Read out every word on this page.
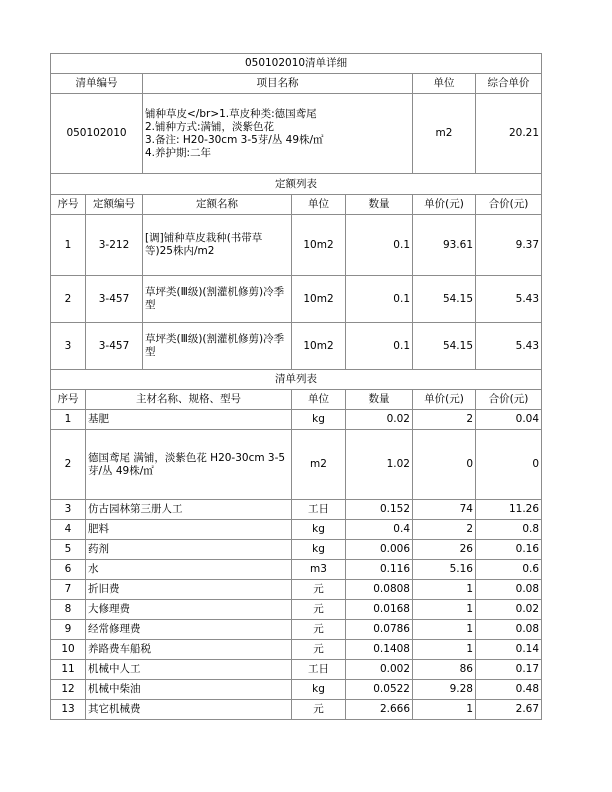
050102010清单详细						
清单编号		项目名称			单位	综合单价
050102010		铺种草皮</br>1.草皮种类:德国鸢尾
2.铺种方式:满铺，淡紫色花
3.备注: H20-30cm 3-5芽/丛 49株/㎡
4.养护期:二年			m2	20.21
定额列表						
序号	定额编号	定额名称	单位	数量	单价(元)	合价(元)
1	3-212	[调]铺种草皮栽种(书带草等)25株内/m2	10m2	0.1	93.61	9.37
2	3-457	草坪类(Ⅲ级)(割灌机修剪)冷季型	10m2	0.1	54.15	5.43
3	3-457	草坪类(Ⅲ级)(割灌机修剪)冷季型	10m2	0.1	54.15	5.43
清单列表						
序号	主材名称、规格、型号		单位	数量	单价(元)	合价(元)
1	基肥		kg	0.02	2	0.04
2	德国鸢尾 满铺，淡紫色花 H20-30cm 3-5芽/丛 49株/㎡		m2	1.02	0	0
3	仿古园林第三册人工		工日	0.152	74	11.26
4	肥料		kg	0.4	2	0.8
5	药剂		kg	0.006	26	0.16
6	水		m3	0.116	5.16	0.6
7	折旧费		元	0.0808	1	0.08
8	大修理费		元	0.0168	1	0.02
9	经常修理费		元	0.0786	1	0.08
10	养路费车船税		元	0.1408	1	0.14
11	机械中人工		工日	0.002	86	0.17
12	机械中柴油		kg	0.0522	9.28	0.48
13	其它机械费		元	2.666	1	2.67
